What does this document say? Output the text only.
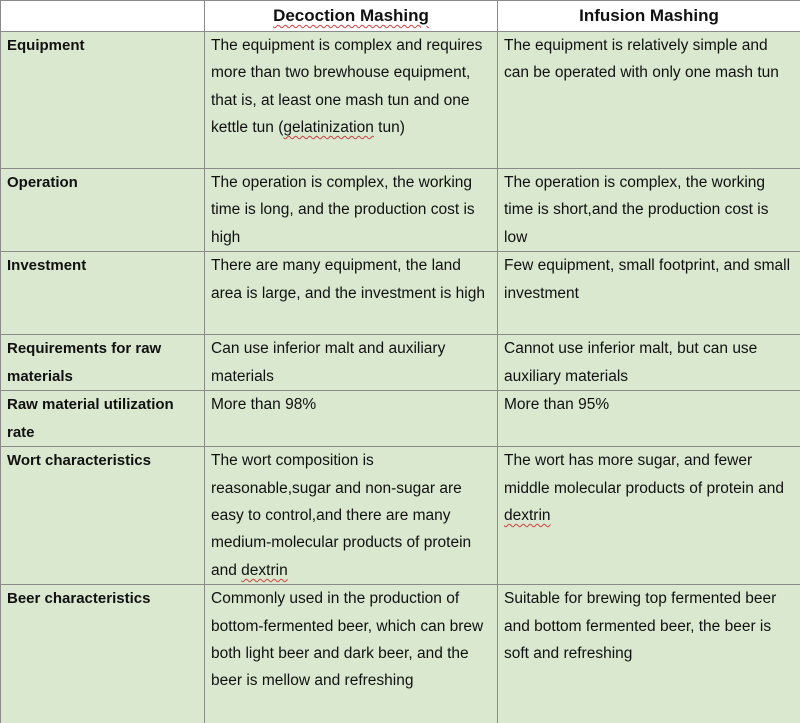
	Decoction Mashing	Infusion Mashing
Equipment	The equipment is complex and requires more than two brewhouse equipment, that is, at least one mash tun and one kettle tun (gelatinization tun)	The equipment is relatively simple and can be operated with only one mash tun
Operation	The operation is complex, the working time is long, and the production cost is high	The operation is complex, the working time is short,and the production cost is low
Investment	There are many equipment, the land area is large, and the investment is high	Few equipment, small footprint, and small investment
Requirements for raw materials	Can use inferior malt and auxiliary materials	Cannot use inferior malt, but can use auxiliary materials
Raw material utilization rate	More than 98%	More than 95%
Wort characteristics	The wort composition is reasonable,sugar and non-sugar are easy to control,and there are many medium-molecular products of protein and dextrin	The wort has more sugar, and fewer middle molecular products of protein and dextrin
Beer characteristics	Commonly used in the production of bottom-fermented beer, which can brew both light beer and dark beer, and the beer is mellow and refreshing	Suitable for brewing top fermented beer and bottom fermented beer, the beer is soft and refreshing
